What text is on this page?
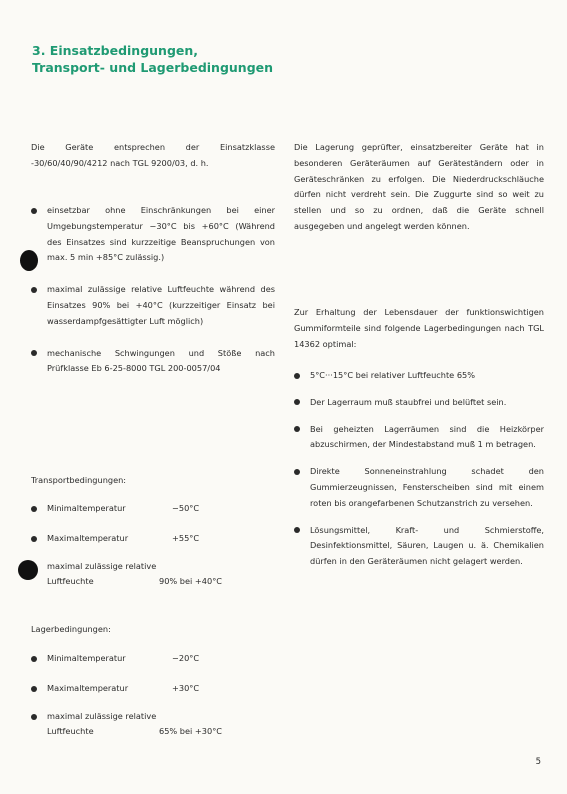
3. Einsatzbedingungen,
Transport- und Lagerbedingungen

Die Geräte entsprechen der Einsatzklasse -30/60/40/90/4212 nach TGL 9200/03, d. h.

einsetzbar ohne Einschränkungen bei einer Umgebungstemperatur −30°C bis +60°C (Während des Einsatzes sind kurzzeitige Beanspruchungen von max. 5 min +85°C zulässig.)

maximal zulässige relative Luftfeuchte während des Einsatzes 90% bei +40°C (kurzzeitiger Einsatz bei wasserdampfgesättigter Luft möglich)

mechanische Schwingungen und Stöße nach Prüfklasse Eb 6-25-8000 TGL 200-0057/04

Transportbedingungen:

Minimaltemperatur	−50°C
Maximaltemperatur	+55°C
maximal zulässige relative Luftfeuchte	90% bei +40°C

Lagerbedingungen:

Minimaltemperatur	−20°C
Maximaltemperatur	+30°C
maximal zulässige relative Luftfeuchte	65% bei +30°C

Die Lagerung geprüfter, einsatzbereiter Geräte hat in besonderen Geräteräumen auf Geräteständern oder in Geräteschränken zu erfolgen. Die Niederdruckschläuche dürfen nicht verdreht sein. Die Zuggurte sind so weit zu stellen und so zu ordnen, daß die Geräte schnell ausgegeben und angelegt werden können.

Zur Erhaltung der Lebensdauer der funktionswichtigen Gummiformteile sind folgende Lagerbedingungen nach TGL 14362 optimal:

5°C···15°C bei relativer Luftfeuchte 65%

Der Lagerraum muß staubfrei und belüftet sein.

Bei geheizten Lagerräumen sind die Heizkörper abzuschirmen, der Mindestabstand muß 1 m betragen.

Direkte Sonneneinstrahlung schadet den Gummierzeugnissen, Fensterscheiben sind mit einem roten bis orangefarbenen Schutzanstrich zu versehen.

Lösungsmittel, Kraft- und Schmierstoffe, Desinfektionsmittel, Säuren, Laugen u. ä. Chemikalien dürfen in den Geräteräumen nicht gelagert werden.

5
